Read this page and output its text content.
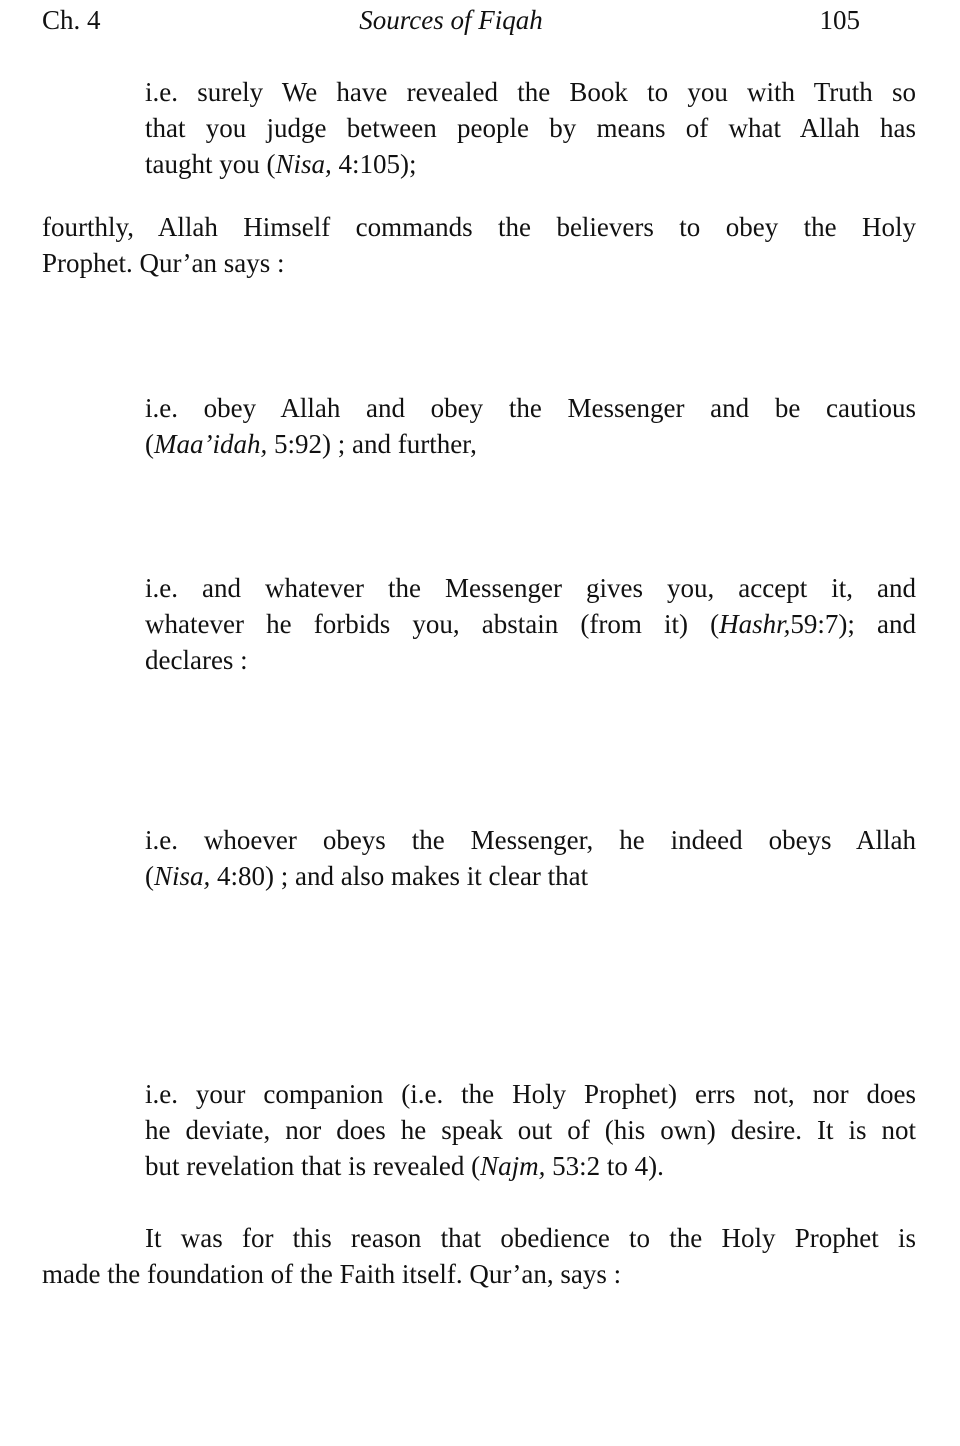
Ch. 4	Sources of Fiqah	105
i.e. surely We have revealed the Book to you with Truth so
that you judge between people by means of what Allah has
taught you (Nisa, 4:105);
fourthly, Allah Himself commands the believers to obey the Holy
Prophet. Qur’an says :
i.e. obey Allah and obey the Messenger and be cautious
(Maa’idah, 5:92) ; and further,
i.e. and whatever the Messenger gives you, accept it, and
whatever he forbids you, abstain (from it) (Hashr,59:7); and
declares :
i.e. whoever obeys the Messenger, he indeed obeys Allah
(Nisa, 4:80) ; and also makes it clear that
i.e. your companion (i.e. the Holy Prophet) errs not, nor does
he deviate, nor does he speak out of (his own) desire. It is not
but revelation that is revealed (Najm, 53:2 to 4).
It was for this reason that obedience to the Holy Prophet is
made the foundation of the Faith itself. Qur’an, says :
